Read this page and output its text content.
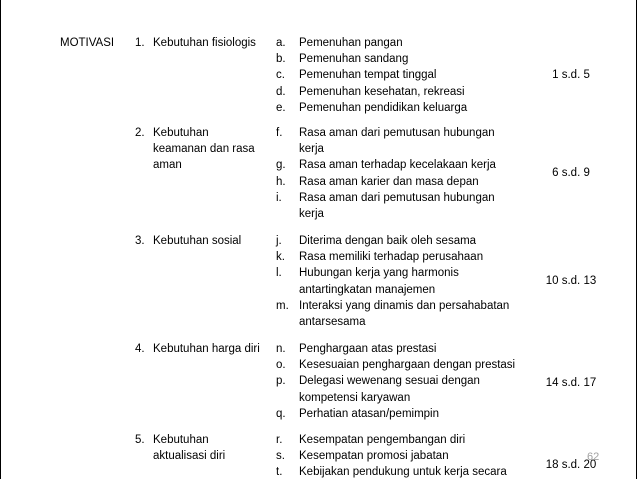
MOTIVASI 1. Kebutuhan fisiologis a. Pemenuhan pangan
b. Pemenuhan sandang
c. Pemenuhan tempat tinggal
d. Pemenuhan kesehatan, rekreasi
e. Pemenuhan pendidikan keluarga
1 s.d. 5
2. Kebutuhan
keamanan dan rasa
aman
f. Rasa aman dari pemutusan hubungan
kerja
g. Rasa aman terhadap kecelakaan kerja
h. Rasa aman karier dan masa depan
i. Rasa aman dari pemutusan hubungan
kerja
6 s.d. 9
3. Kebutuhan sosial	j. Diterima dengan baik oleh sesama
k. Rasa memiliki terhadap perusahaan
l. Hubungan kerja yang harmonis
antartingkatan manajemen
m. Interaksi yang dinamis dan persahabatan
antarsesama
10 s.d. 13
4. Kebutuhan harga diri n. Penghargaan atas prestasi
o. Kesesuaian penghargaan dengan prestasi
p. Delegasi wewenang sesuai dengan
kompetensi karyawan
q. Perhatian atasan/pemimpin
14 s.d. 17
5. Kebutuhan
aktualisasi diri
r. Kesempatan pengembangan diri
s. Kesempatan promosi jabatan
t. Kebijakan pendukung untuk kerja secara
18 s.d. 20
62
